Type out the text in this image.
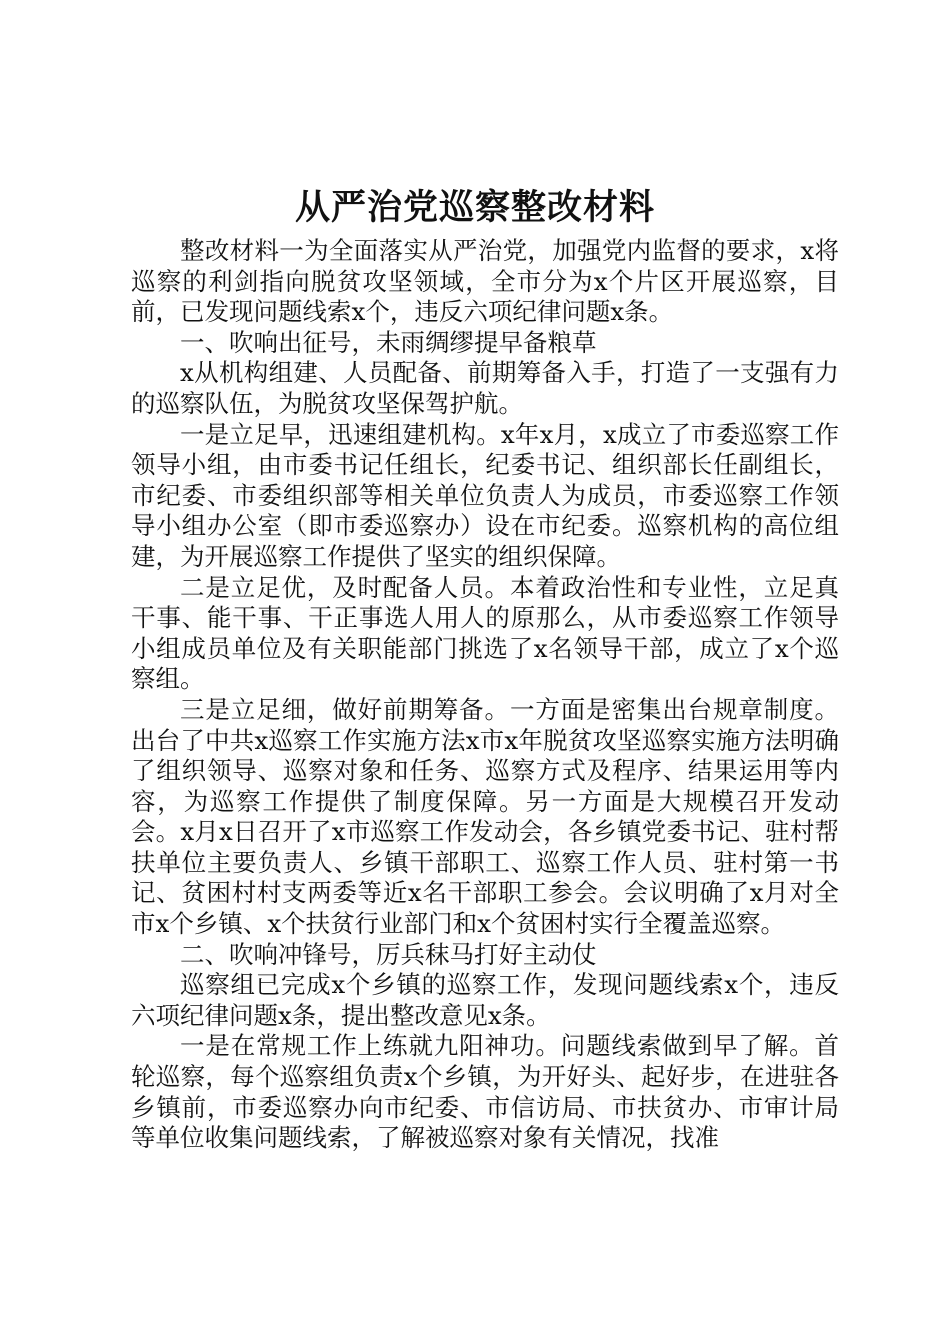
从严治党巡察整改材料

整改材料一为全面落实从严治党，加强党内监督的要求，x将巡察的利剑指向脱贫攻坚领域，全市分为x个片区开展巡察，目前，已发现问题线索x个，违反六项纪律问题x条。

一、吹响出征号，未雨绸缪提早备粮草

x从机构组建、人员配备、前期筹备入手，打造了一支强有力的巡察队伍，为脱贫攻坚保驾护航。

一是立足早，迅速组建机构。x年x月，x成立了市委巡察工作领导小组，由市委书记任组长，纪委书记、组织部长任副组长，市纪委、市委组织部等相关单位负责人为成员，市委巡察工作领导小组办公室（即市委巡察办）设在市纪委。巡察机构的高位组建，为开展巡察工作提供了坚实的组织保障。

二是立足优，及时配备人员。本着政治性和专业性，立足真干事、能干事、干正事选人用人的原那么，从市委巡察工作领导小组成员单位及有关职能部门挑选了x名领导干部，成立了x个巡察组。

三是立足细，做好前期筹备。一方面是密集出台规章制度。出台了中共x巡察工作实施方法x市x年脱贫攻坚巡察实施方法明确了组织领导、巡察对象和任务、巡察方式及程序、结果运用等内容，为巡察工作提供了制度保障。另一方面是大规模召开发动会。x月x日召开了x市巡察工作发动会，各乡镇党委书记、驻村帮扶单位主要负责人、乡镇干部职工、巡察工作人员、驻村第一书记、贫困村村支两委等近x名干部职工参会。会议明确了x月对全市x个乡镇、x个扶贫行业部门和x个贫困村实行全覆盖巡察。

二、吹响冲锋号，厉兵秣马打好主动仗

巡察组已完成x个乡镇的巡察工作，发现问题线索x个，违反六项纪律问题x条，提出整改意见x条。

一是在常规工作上练就九阳神功。问题线索做到早了解。首轮巡察，每个巡察组负责x个乡镇，为开好头、起好步，在进驻各乡镇前，市委巡察办向市纪委、市信访局、市扶贫办、市审计局等单位收集问题线索，了解被巡察对象有关情况，找准
